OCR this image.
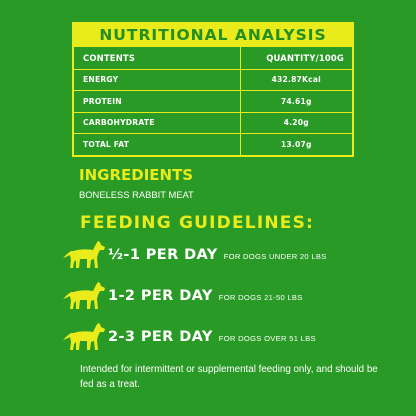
NUTRITIONAL ANALYSIS
CONTENTS	QUANTITY/100G
ENERGY	432.87Kcal
PROTEIN	74.61g
CARBOHYDRATE	4.20g
TOTAL FAT	13.07g
INGREDIENTS
BONELESS RABBIT MEAT
FEEDING GUIDELINES:
½-1 PER DAY FOR DOGS UNDER 20 LBS
1-2 PER DAY FOR DOGS 21-50 LBS
2-3 PER DAY FOR DOGS OVER 51 LBS
Intended for intermittent or supplemental feeding only, and should be fed as a treat.
